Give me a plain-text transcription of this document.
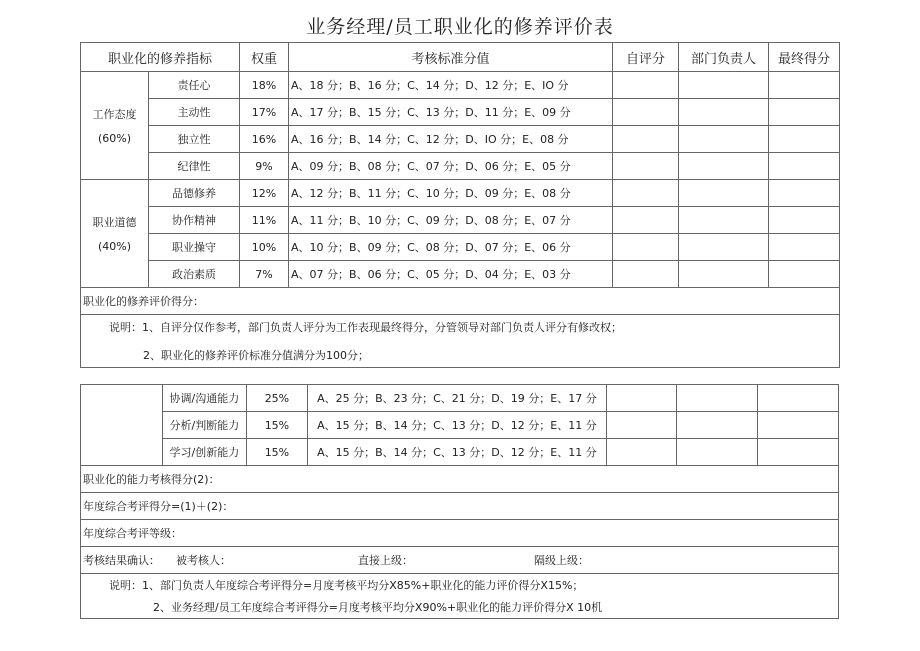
业务经理/员工职业化的修养评价表
职业化的修养指标		权重	考核标准分值	自评分	部门负责人	最终得分

工作态度
(60%)	责任心	18%	A、18 分；B、16 分；C、14 分；D、12 分；E、IO 分			
	主动性	17%	A、17 分；B、15 分；C、13 分；D、11 分；E、09 分			
	独立性	16%	A、16 分；B、14 分；C、12 分；D、IO 分；E、08 分			
	纪律性	9%	A、09 分；B、08 分；C、07 分；D、06 分；E、05 分			

职业道德
(40%)	品德修养	12%	A、12 分；B、11 分；C、10 分；D、09 分；E、08 分			
	协作精神	11%	A、11 分；B、10 分；C、09 分；D、08 分；E、07 分			
	职业操守	10%	A、10 分；B、09 分；C、08 分；D、07 分；E、06 分			
	政治素质	7%	A、07 分；B、06 分；C、05 分；D、04 分；E、03 分			
职业化的修养评价得分：						

说明：1、自评分仅作参考，部门负责人评分为工作表现最终得分，分管领导对部门负责人评分有修改权；
2、职业化的修养评价标准分值满分为100分；						
	协调/沟通能力	25%	A、25 分；B、23 分；C、21 分；D、19 分；E、17 分			
	分析/判断能力	15%	A、15 分；B、14 分；C、13 分；D、12 分；E、11 分			
	学习/创新能力	15%	A、15 分；B、14 分；C、13 分；D、12 分；E、11 分			
职业化的能力考核得分(2)：						
年度综合考评得分=(1)＋(2)：						
年度综合考评等级：						

考核结果确认： 被考核人： 直接上级： 隔级上级：						

说明：1、部门负责人年度综合考评得分=月度考核平均分X85%+职业化的能力评价得分X15%；
2、业务经理/员工年度综合考评得分=月度考核平均分X90%+职业化的能力评价得分X 10机						
